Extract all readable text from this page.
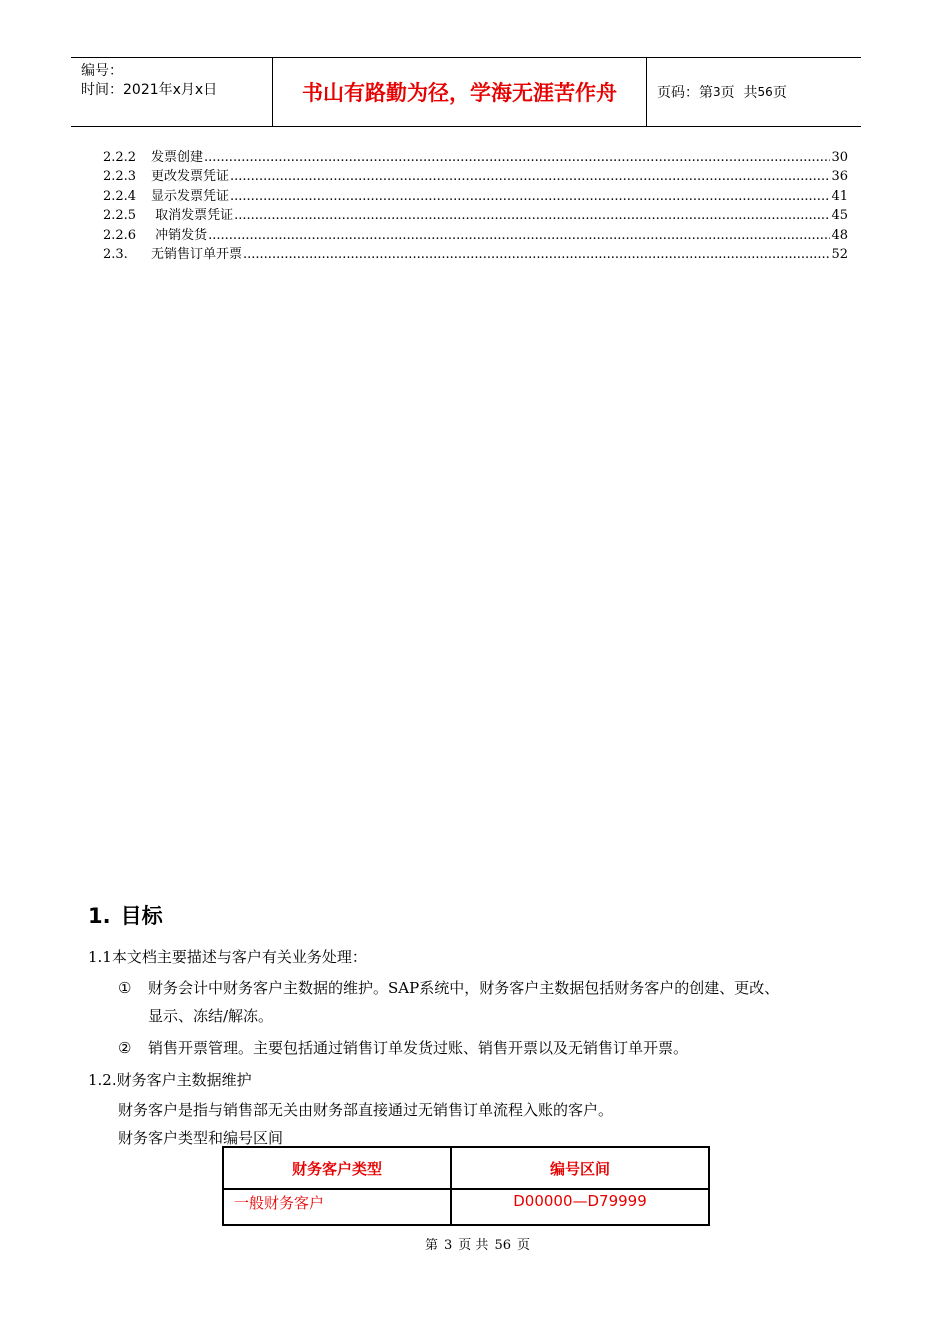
编号：
时间：2021年x月x日	书山有路勤为径，学海无涯苦作舟	页码：第 3 页  共 56 页
2.2.2	发票创建 .....	30
2.2.3	更改发票凭证 .....	36
2.2.4	显示发票凭证 .....	41
2.2.5	取消发票凭证 .....	45
2.2.6	冲销发货 .....	48
2.3.	无销售订单开票 .....	52
1. 目标
1.1本文档主要描述与客户有关业务处理：
① 财务会计中财务客户主数据的维护。SAP系统中，财务客户主数据包括财务客户的创建、更改、
显示、冻结/解冻。
② 销售开票管理。主要包括通过销售订单发货过账、销售开票以及无销售订单开票。
1.2.财务客户主数据维护
财务客户是指与销售部无关由财务部直接通过无销售订单流程入账的客户。
财务客户类型和编号区间
财务客户类型	编号区间
一般财务客户	D00000—D79999
第 3 页 共 56 页
